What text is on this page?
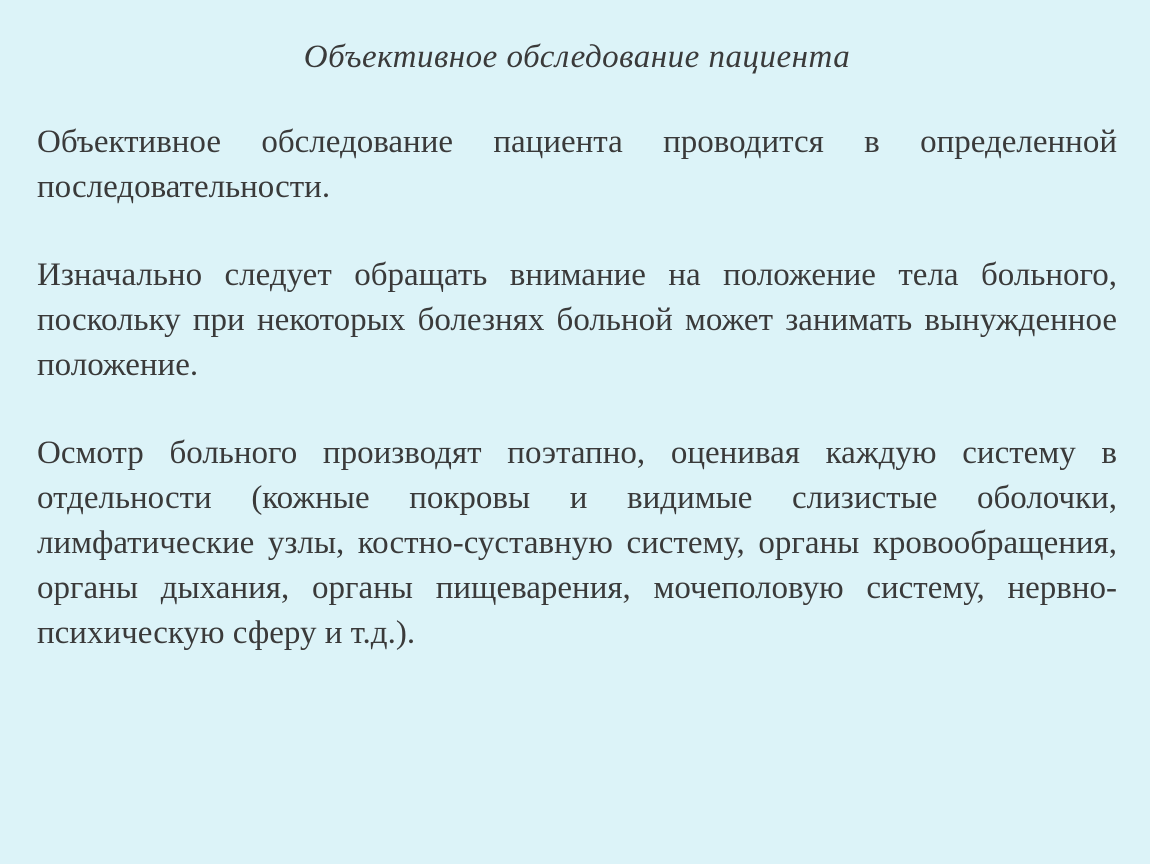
Объективное обследование пациента

Объективное обследование пациента проводится в определенной последовательности.

Изначально следует обращать внимание на положение тела больного, поскольку при некоторых болезнях больной может занимать вынужденное положение.

Осмотр больного производят поэтапно, оценивая каждую систему в отдельности (кожные покровы и видимые слизистые оболочки, лимфатические узлы, костно-суставную систему, органы кровообращения, органы дыхания, органы пищеварения, мочеполовую систему, нервно-психическую сферу и т.д.).
